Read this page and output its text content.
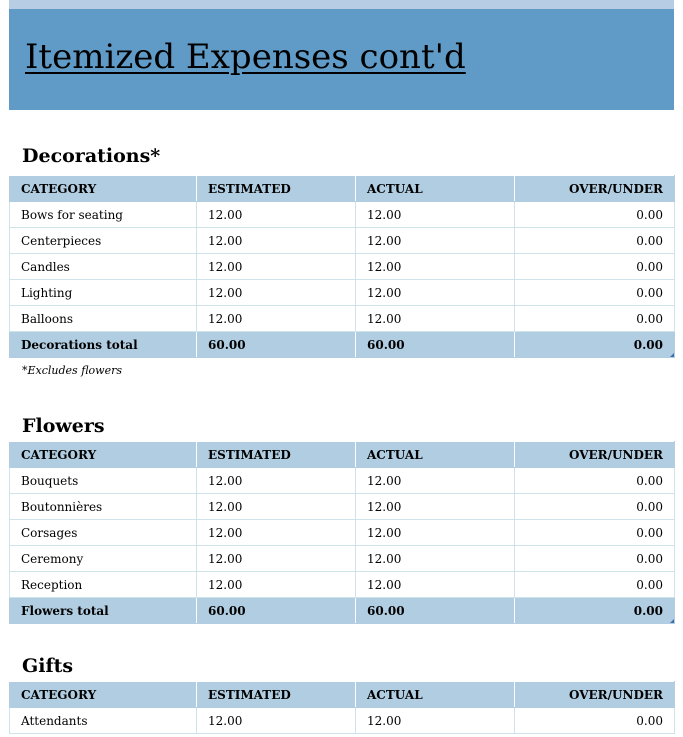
Itemized Expenses cont'd
Decorations*
CATEGORY	ESTIMATED	ACTUAL	OVER/UNDER
Bows for seating	12.00	12.00	0.00
Centerpieces	12.00	12.00	0.00
Candles	12.00	12.00	0.00
Lighting	12.00	12.00	0.00
Balloons	12.00	12.00	0.00
Decorations total	60.00	60.00	0.00

*Excludes flowers

Flowers
CATEGORY	ESTIMATED	ACTUAL	OVER/UNDER
Bouquets	12.00	12.00	0.00
Boutonnières	12.00	12.00	0.00
Corsages	12.00	12.00	0.00
Ceremony	12.00	12.00	0.00
Reception	12.00	12.00	0.00
Flowers total	60.00	60.00	0.00
Gifts
CATEGORY	ESTIMATED	ACTUAL	OVER/UNDER
Attendants	12.00	12.00	0.00
